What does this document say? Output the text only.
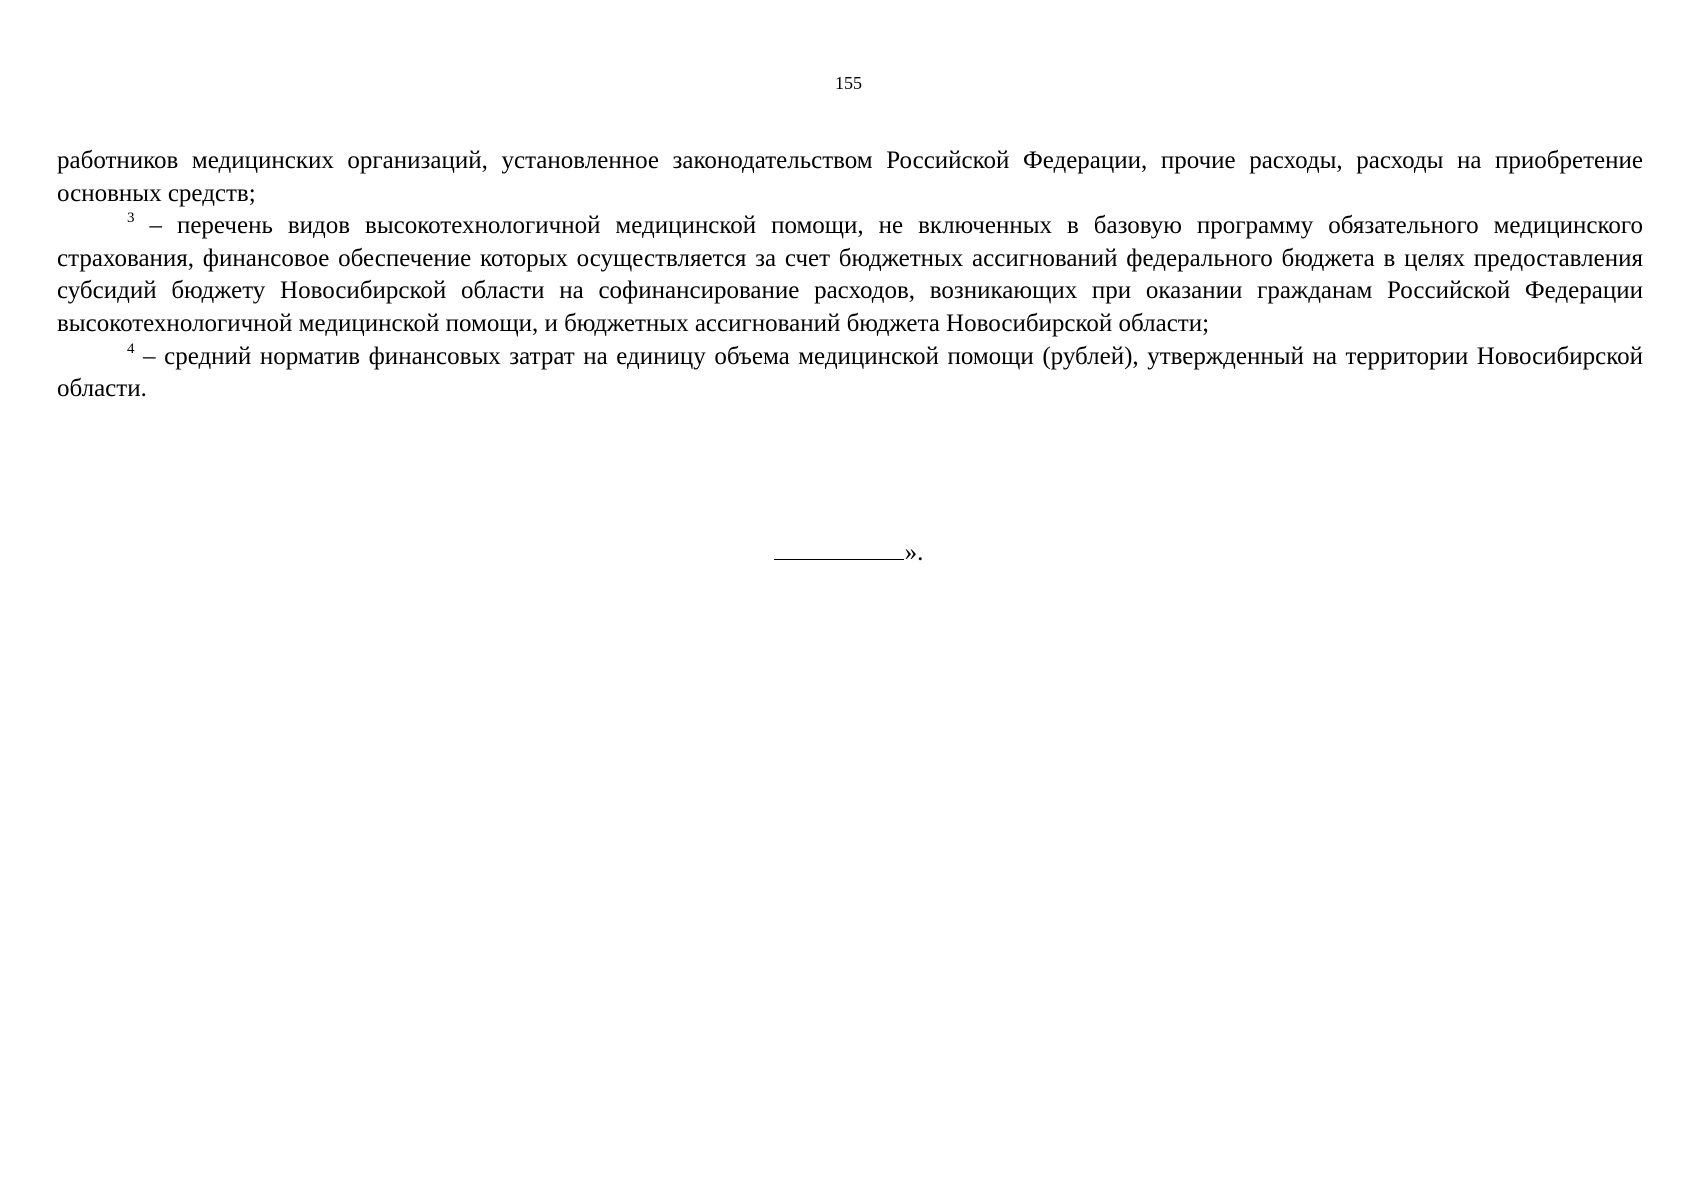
155

работников медицинских организаций, установленное законодательством Российской Федерации, прочие расходы, расходы на приобретение основных средств;

$^3$ – перечень видов высокотехнологичной медицинской помощи, не включенных в базовую программу обязательного медицинского страхования, финансовое обеспечение которых осуществляется за счет бюджетных ассигнований федерального бюджета в целях предоставления субсидий бюджету Новосибирской области на софинансирование расходов, возникающих при оказании гражданам Российской Федерации высокотехнологичной медицинской помощи, и бюджетных ассигнований бюджета Новосибирской области;

$^4$ – средний норматив финансовых затрат на единицу объема медицинской помощи (рублей), утвержденный на территории Новосибирской области.

».
